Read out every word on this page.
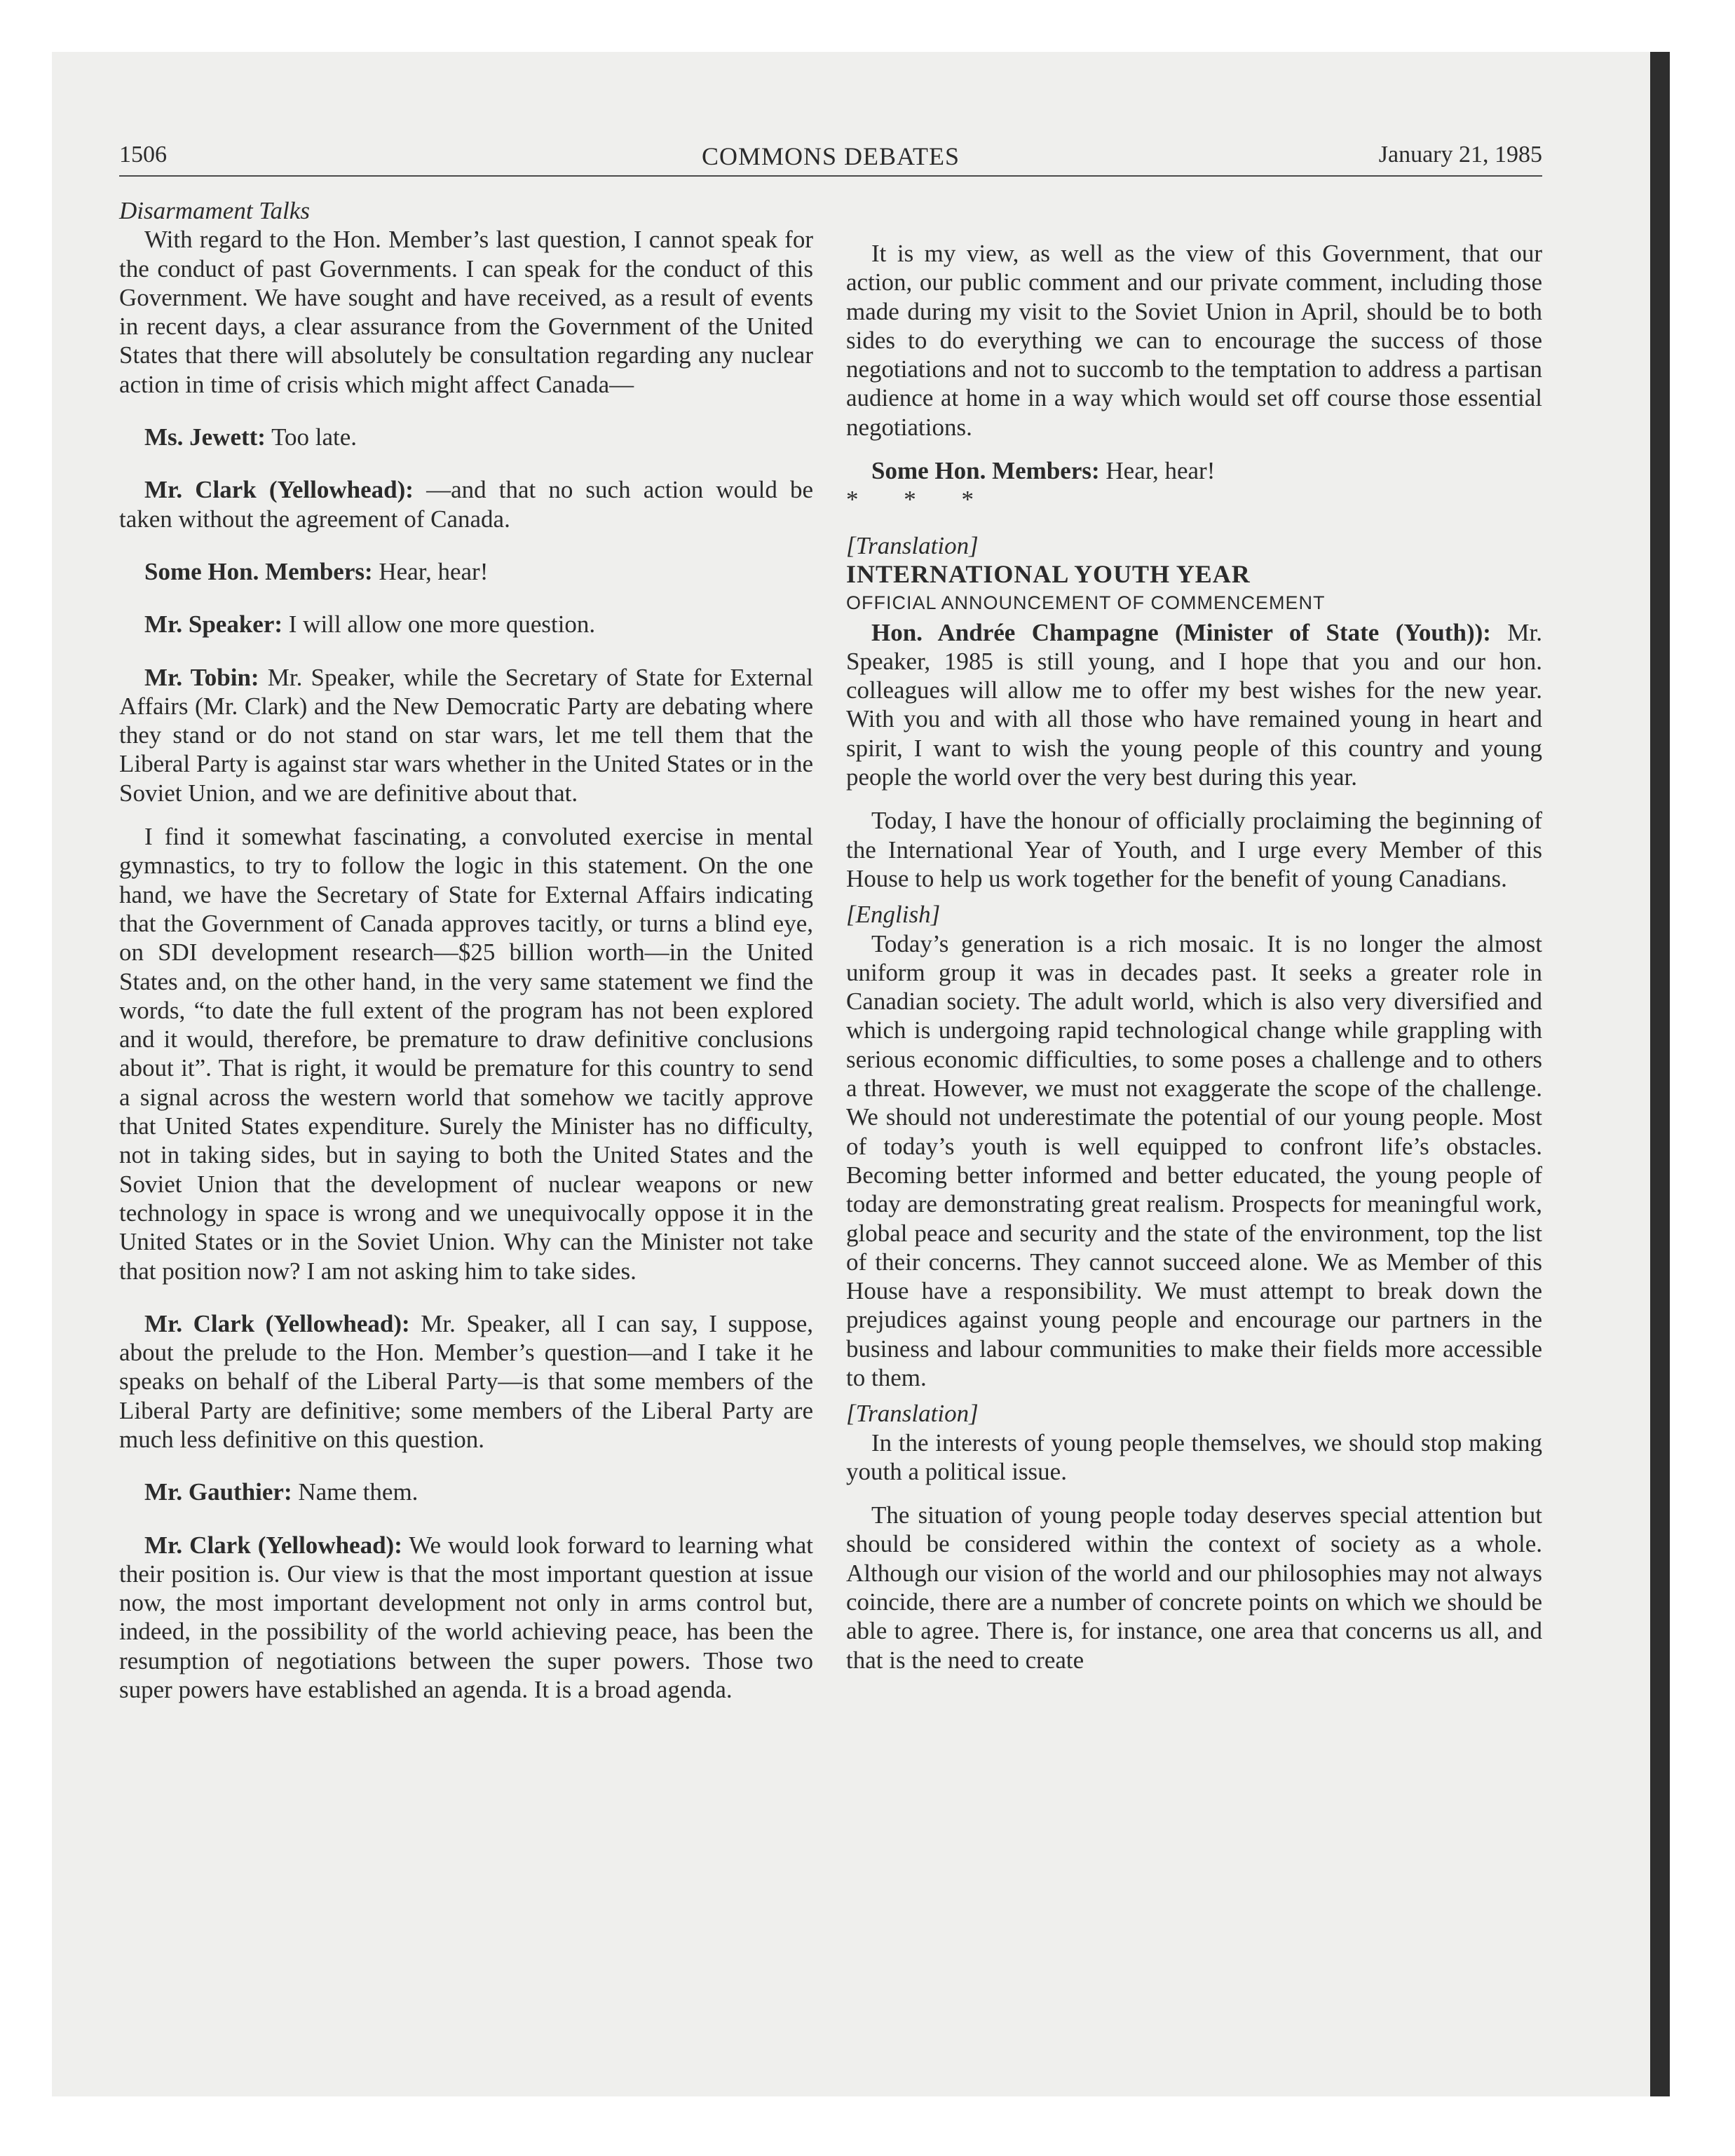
1506	COMMONS DEBATES	January 21, 1985

Disarmament Talks

With regard to the Hon. Member’s last question, I cannot speak for the conduct of past Governments. I can speak for the conduct of this Government. We have sought and have received, as a result of events in recent days, a clear assurance from the Government of the United States that there will absolutely be consultation regarding any nuclear action in time of crisis which might affect Canada—

Ms. Jewett: Too late.

Mr. Clark (Yellowhead): —and that no such action would be taken without the agreement of Canada.

Some Hon. Members: Hear, hear!

Mr. Speaker: I will allow one more question.

Mr. Tobin: Mr. Speaker, while the Secretary of State for External Affairs (Mr. Clark) and the New Democratic Party are debating where they stand or do not stand on star wars, let me tell them that the Liberal Party is against star wars whether in the United States or in the Soviet Union, and we are definitive about that.

I find it somewhat fascinating, a convoluted exercise in mental gymnastics, to try to follow the logic in this statement. On the one hand, we have the Secretary of State for External Affairs indicating that the Government of Canada approves tacitly, or turns a blind eye, on SDI development research—$25 billion worth—in the United States and, on the other hand, in the very same statement we find the words, “to date the full extent of the program has not been explored and it would, therefore, be premature to draw definitive conclusions about it”. That is right, it would be premature for this country to send a signal across the western world that somehow we tacitly approve that United States expenditure. Surely the Minister has no difficulty, not in taking sides, but in saying to both the United States and the Soviet Union that the development of nuclear weapons or new technology in space is wrong and we unequivocally oppose it in the United States or in the Soviet Union. Why can the Minister not take that position now? I am not asking him to take sides.

Mr. Clark (Yellowhead): Mr. Speaker, all I can say, I suppose, about the prelude to the Hon. Member’s question—and I take it he speaks on behalf of the Liberal Party—is that some members of the Liberal Party are definitive; some members of the Liberal Party are much less definitive on this question.

Mr. Gauthier: Name them.

Mr. Clark (Yellowhead): We would look forward to learning what their position is. Our view is that the most important question at issue now, the most important development not only in arms control but, indeed, in the possibility of the world achieving peace, has been the resumption of negotiations between the super powers. Those two super powers have established an agenda. It is a broad agenda.

It is my view, as well as the view of this Government, that our action, our public comment and our private comment, including those made during my visit to the Soviet Union in April, should be to both sides to do everything we can to encourage the success of those negotiations and not to succomb to the temptation to address a partisan audience at home in a way which would set off course those essential negotiations.

Some Hon. Members: Hear, hear!

* * *

[Translation]

INTERNATIONAL YOUTH YEAR

OFFICIAL ANNOUNCEMENT OF COMMENCEMENT

Hon. Andrée Champagne (Minister of State (Youth)): Mr. Speaker, 1985 is still young, and I hope that you and our hon. colleagues will allow me to offer my best wishes for the new year. With you and with all those who have remained young in heart and spirit, I want to wish the young people of this country and young people the world over the very best during this year.

Today, I have the honour of officially proclaiming the beginning of the International Year of Youth, and I urge every Member of this House to help us work together for the benefit of young Canadians.

[English]

Today’s generation is a rich mosaic. It is no longer the almost uniform group it was in decades past. It seeks a greater role in Canadian society. The adult world, which is also very diversified and which is undergoing rapid technological change while grappling with serious economic difficulties, to some poses a challenge and to others a threat. However, we must not exaggerate the scope of the challenge. We should not underestimate the potential of our young people. Most of today’s youth is well equipped to confront life’s obstacles. Becoming better informed and better educated, the young people of today are demonstrating great realism. Prospects for meaningful work, global peace and security and the state of the environment, top the list of their concerns. They cannot succeed alone. We as Member of this House have a responsibility. We must attempt to break down the prejudices against young people and encourage our partners in the business and labour communities to make their fields more accessible to them.

[Translation]

In the interests of young people themselves, we should stop making youth a political issue.

The situation of young people today deserves special attention but should be considered within the context of society as a whole. Although our vision of the world and our philosophies may not always coincide, there are a number of concrete points on which we should be able to agree. There is, for instance, one area that concerns us all, and that is the need to create
